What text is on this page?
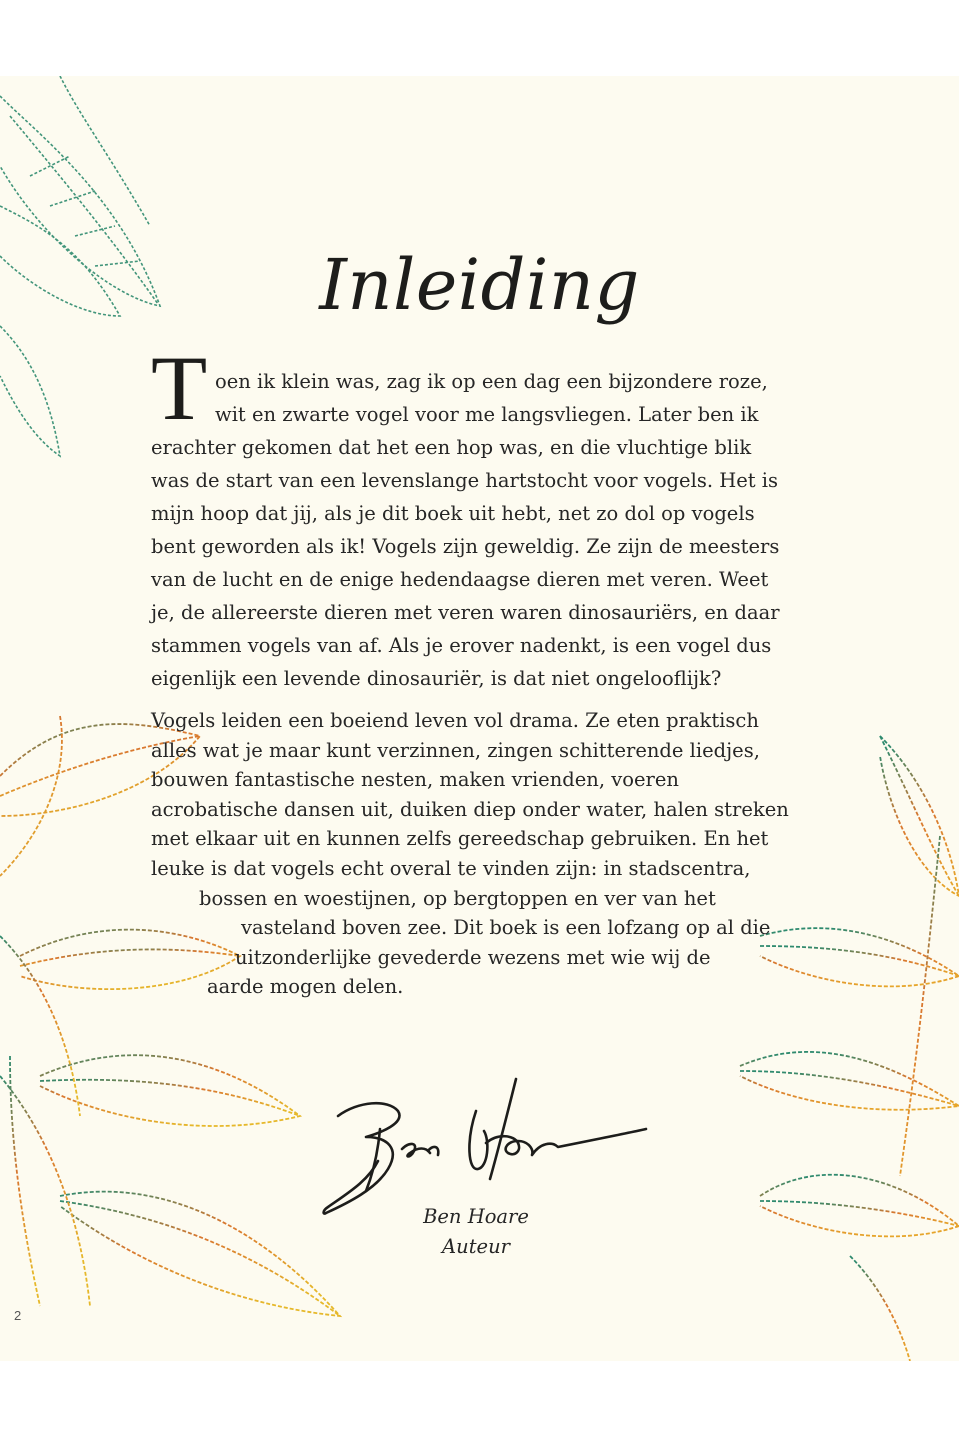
Inleiding
T oen ik klein was, zag ik op een dag een bijzondere roze,
wit en zwarte vogel voor me langsvliegen. Later ben ik
erachter gekomen dat het een hop was, en die vluchtige blik
was de start van een levenslange hartstocht voor vogels. Het is
mijn hoop dat jij, als je dit boek uit hebt, net zo dol op vogels
bent geworden als ik! Vogels zijn geweldig. Ze zijn de meesters
van de lucht en de enige hedendaagse dieren met veren. Weet
je, de allereerste dieren met veren waren dinosauriërs, en daar
stammen vogels van af. Als je erover nadenkt, is een vogel dus
eigenlijk een levende dinosauriër, is dat niet ongelooflijk?
Vogels leiden een boeiend leven vol drama. Ze eten praktisch
alles wat je maar kunt verzinnen, zingen schitterende liedjes,
bouwen fantastische nesten, maken vrienden, voeren
acrobatische dansen uit, duiken diep onder water, halen streken
met elkaar uit en kunnen zelfs gereedschap gebruiken. En het
leuke is dat vogels echt overal te vinden zijn: in stadscentra,
bossen en woestijnen, op bergtoppen en ver van het
vasteland boven zee. Dit boek is een lofzang op al die
uitzonderlijke gevederde wezens met wie wij de
aarde mogen delen.
Ben Hoare
Auteur
2
